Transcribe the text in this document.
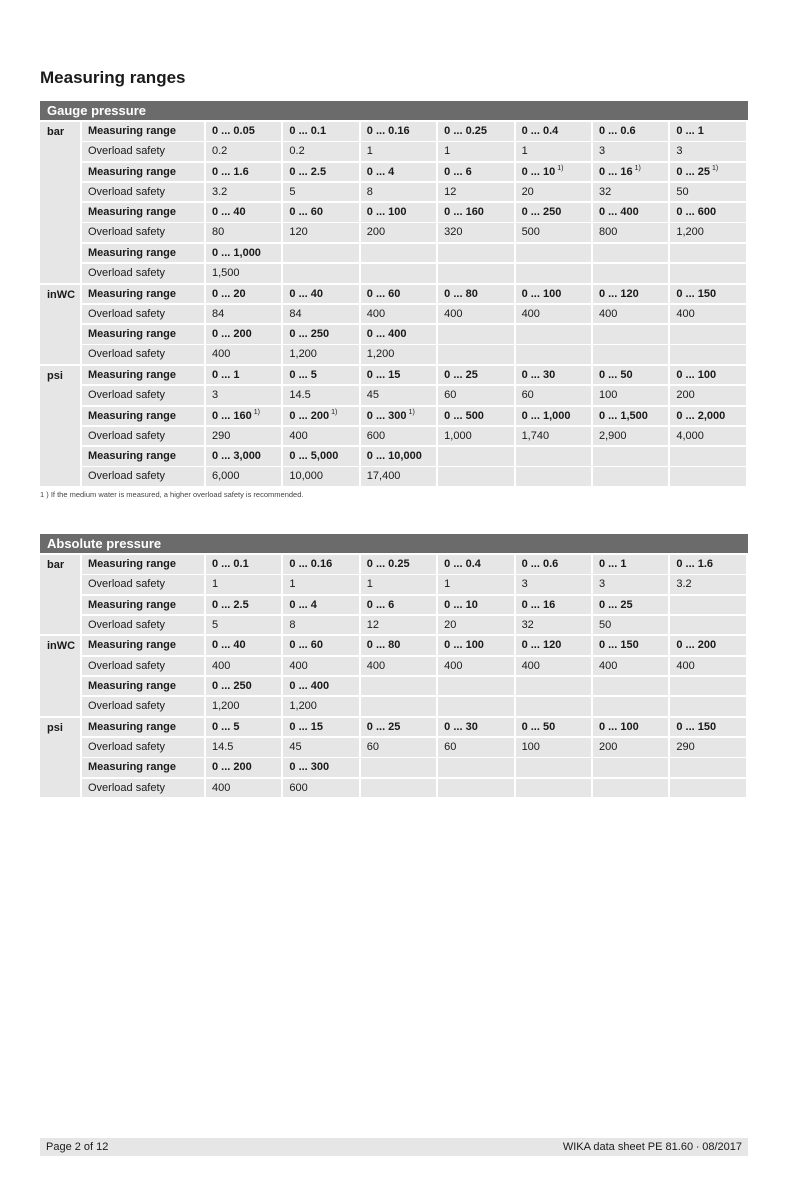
Measuring ranges
Gauge pressure
bar	Measuring range	0 ... 0.05	0 ... 0.1	0 ... 0.16	0 ... 0.25	0 ... 0.4	0 ... 0.6	0 ... 1
Overload safety	0.2	0.2	1	1	1	3	3
Measuring range	0 ... 1.6	0 ... 2.5	0 ... 4	0 ... 6	0 ... 10 $^{1)}$	0 ... 16 $^{1)}$	0 ... 25 $^{1)}$
Overload safety	3.2	5	8	12	20	32	50
Measuring range	0 ... 40	0 ... 60	0 ... 100	0 ... 160	0 ... 250	0 ... 400	0 ... 600
Overload safety	80	120	200	320	500	800	1,200
Measuring range	0 ... 1,000
Overload safety	1,500
inWC	Measuring range	0 ... 20	0 ... 40	0 ... 60	0 ... 80	0 ... 100	0 ... 120	0 ... 150
Overload safety	84	84	400	400	400	400	400
Measuring range	0 ... 200	0 ... 250	0 ... 400
Overload safety	400	1,200	1,200
psi	Measuring range	0 ... 1	0 ... 5	0 ... 15	0 ... 25	0 ... 30	0 ... 50	0 ... 100
Overload safety	3	14.5	45	60	60	100	200
Measuring range	0 ... 160 $^{1)}$	0 ... 200 $^{1)}$	0 ... 300 $^{1)}$	0 ... 500	0 ... 1,000	0 ... 1,500	0 ... 2,000
Overload safety	290	400	600	1,000	1,740	2,900	4,000
Measuring range	0 ... 3,000	0 ... 5,000	0 ... 10,000
Overload safety	6,000	10,000	17,400
1 ) If the medium water is measured, a higher overload safety is recommended.
Absolute pressure
bar	Measuring range	0 ... 0.1	0 ... 0.16	0 ... 0.25	0 ... 0.4	0 ... 0.6	0 ... 1	0 ... 1.6
Overload safety	1	1	1	1	3	3	3.2
Measuring range	0 ... 2.5	0 ... 4	0 ... 6	0 ... 10	0 ... 16	0 ... 25
Overload safety	5	8	12	20	32	50
inWC	Measuring range	0 ... 40	0 ... 60	0 ... 80	0 ... 100	0 ... 120	0 ... 150	0 ... 200
Overload safety	400	400	400	400	400	400	400
Measuring range	0 ... 250	0 ... 400
Overload safety	1,200	1,200
psi	Measuring range	0 ... 5	0 ... 15	0 ... 25	0 ... 30	0 ... 50	0 ... 100	0 ... 150
Overload safety	14.5	45	60	60	100	200	290
Measuring range	0 ... 200	0 ... 300
Overload safety	400	600
Page 2 of 12	WIKA data sheet PE 81.60 ∙ 08/2017
